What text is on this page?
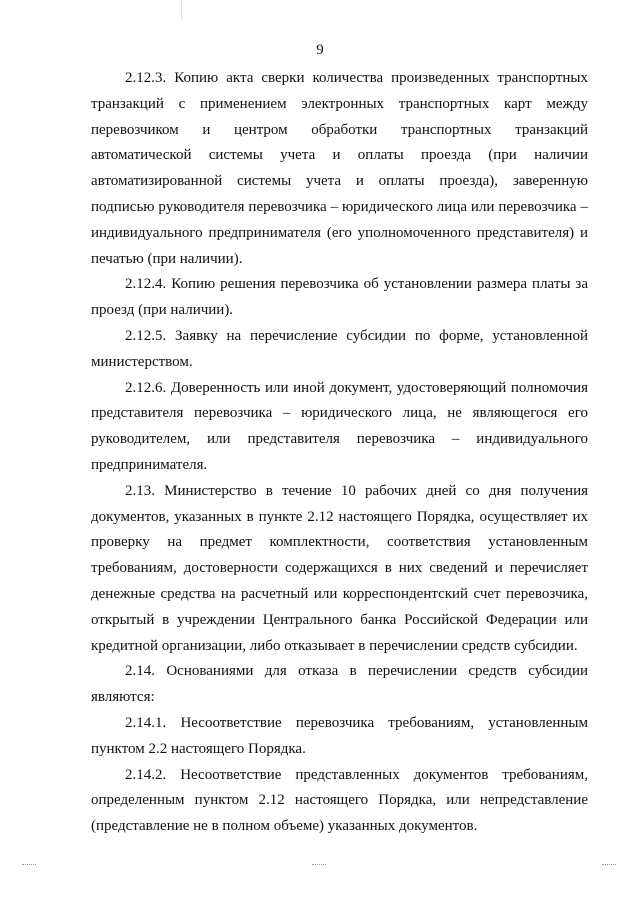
9

2.12.3. Копию акта сверки количества произведенных транспортных транзакций с применением электронных транспортных карт между перевозчиком и центром обработки транспортных транзакций автоматической системы учета и оплаты проезда (при наличии автоматизированной системы учета и оплаты проезда), заверенную подписью руководителя перевозчика – юридического лица или перевозчика – индивидуального предпринимателя (его уполномоченного представителя) и печатью (при наличии).

2.12.4. Копию решения перевозчика об установлении размера платы за проезд (при наличии).

2.12.5. Заявку на перечисление субсидии по форме, установленной министерством.

2.12.6. Доверенность или иной документ, удостоверяющий полномочия представителя перевозчика – юридического лица, не являющегося его руководителем, или представителя перевозчика – индивидуального предпринимателя.

2.13. Министерство в течение 10 рабочих дней со дня получения документов, указанных в пункте 2.12 настоящего Порядка, осуществляет их проверку на предмет комплектности, соответствия установленным требованиям, достоверности содержащихся в них сведений и перечисляет денежные средства на расчетный или корреспондентский счет перевозчика, открытый в учреждении Центрального банка Российской Федерации или кредитной организации, либо отказывает в перечислении средств субсидии.

2.14. Основаниями для отказа в перечислении средств субсидии являются:

2.14.1. Несоответствие перевозчика требованиям, установленным пунктом 2.2 настоящего Порядка.

2.14.2. Несоответствие представленных документов требованиям, определенным пунктом 2.12 настоящего Порядка, или непредставление (представление не в полном объеме) указанных документов.
